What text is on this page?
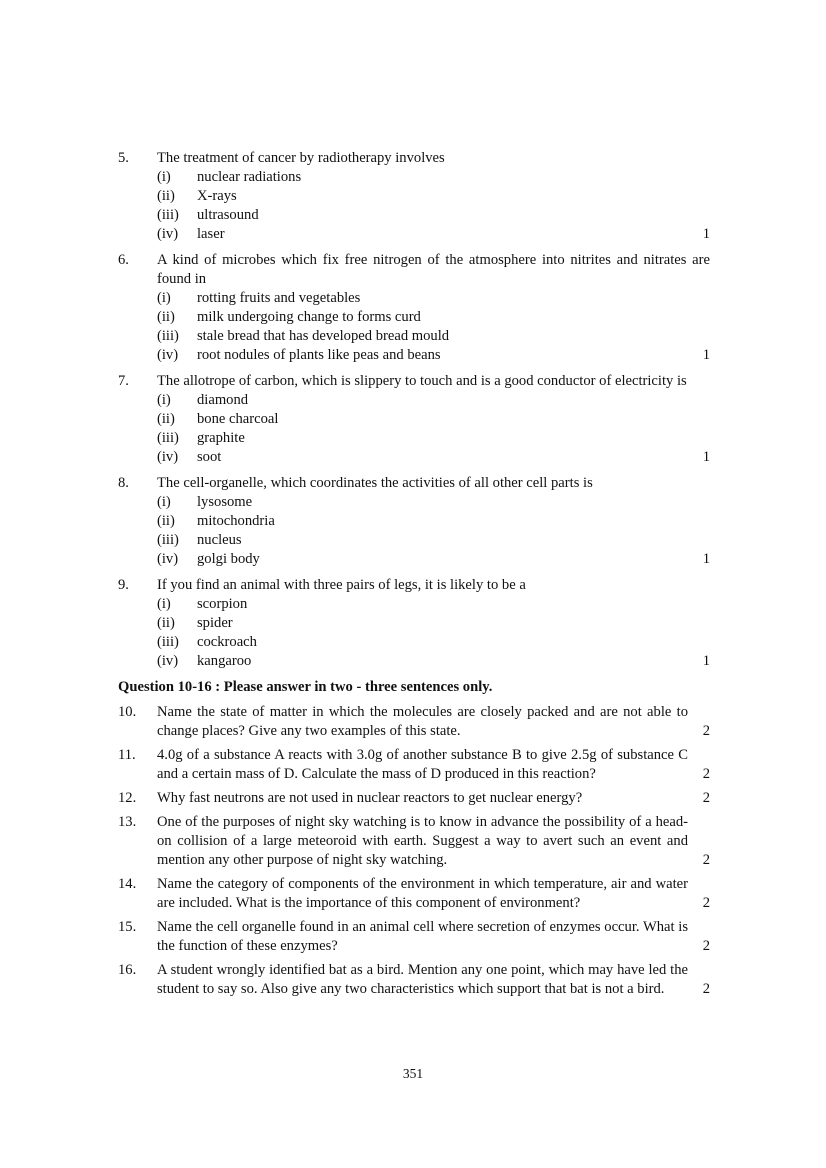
5. The treatment of cancer by radiotherapy involves
(i) nuclear radiations
(ii) X-rays
(iii) ultrasound
(iv) laser	1
6. A kind of microbes which fix free nitrogen of the atmosphere into nitrites and nitrates are found in
(i) rotting fruits and vegetables
(ii) milk undergoing change to forms curd
(iii) stale bread that has developed bread mould
(iv) root nodules of plants like peas and beans	1
7. The allotrope of carbon, which is slippery to touch and is a good conductor of electricity is
(i) diamond
(ii) bone charcoal
(iii) graphite
(iv) soot	1
8. The cell-organelle, which coordinates the activities of all other cell parts is
(i) lysosome
(ii) mitochondria
(iii) nucleus
(iv) golgi body	1
9. If you find an animal with three pairs of legs, it is likely to be a
(i) scorpion
(ii) spider
(iii) cockroach
(iv) kangaroo	1
Question 10-16 : Please answer in two - three sentences only.
10. Name the state of matter in which the molecules are closely packed and are not able to change places? Give any two examples of this state.	2
11. 4.0g of a substance A reacts with 3.0g of another substance B to give 2.5g of substance C and a certain mass of D. Calculate the mass of D produced in this reaction?	2
12. Why fast neutrons are not used in nuclear reactors to get nuclear energy?	2
13. One of the purposes of night sky watching is to know in advance the possibility of a head-on collision of a large meteoroid with earth. Suggest a way to avert such an event and mention any other purpose of night sky watching.	2
14. Name the category of components of the environment in which temperature, air and water are included. What is the importance of this component of environment?	2
15. Name the cell organelle found in an animal cell where secretion of enzymes occur. What is the function of these enzymes?	2
16. A student wrongly identified bat as a bird. Mention any one point, which may have led the student to say so. Also give any two characteristics which support that bat is not a bird.	2
351
